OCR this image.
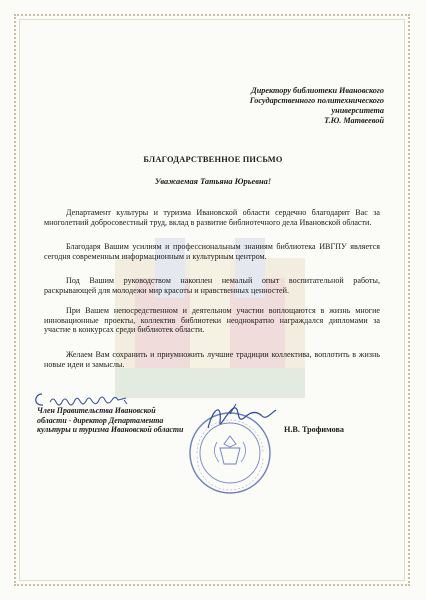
Директору библиотеки Ивановского
Государственного политехнического
университета
Т.Ю. Матвеевой
БЛАГОДАРСТВЕННОЕ ПИСЬМО
Уважаемая Татьяна Юрьевна!
Департамент культуры и туризма Ивановской области сердечно благодарит Вас за многолетний добросовестный труд, вклад в развитие библиотечного дела Ивановской области.
Благодаря Вашим усилиям и профессиональным знаниям библиотека ИВГПУ является сегодня современным информационным и культурным центром.
Под Вашим руководством накоплен немалый опыт воспитательной работы, раскрывающей для молодежи мир красоты и нравственных ценностей.
При Вашем непосредственном и деятельном участии воплощаются в жизнь многие инновационные проекты, коллектив библиотеки неоднократно награждался дипломами за участие в конкурсах среди библиотек области.
Желаем Вам сохранить и приумножить лучшие традиции коллектива, воплотить в жизнь новые идеи и замыслы.
Член Правительства Ивановской
области - директор Департамента
культуры и туризма Ивановской области	Н.В. Трофимова
